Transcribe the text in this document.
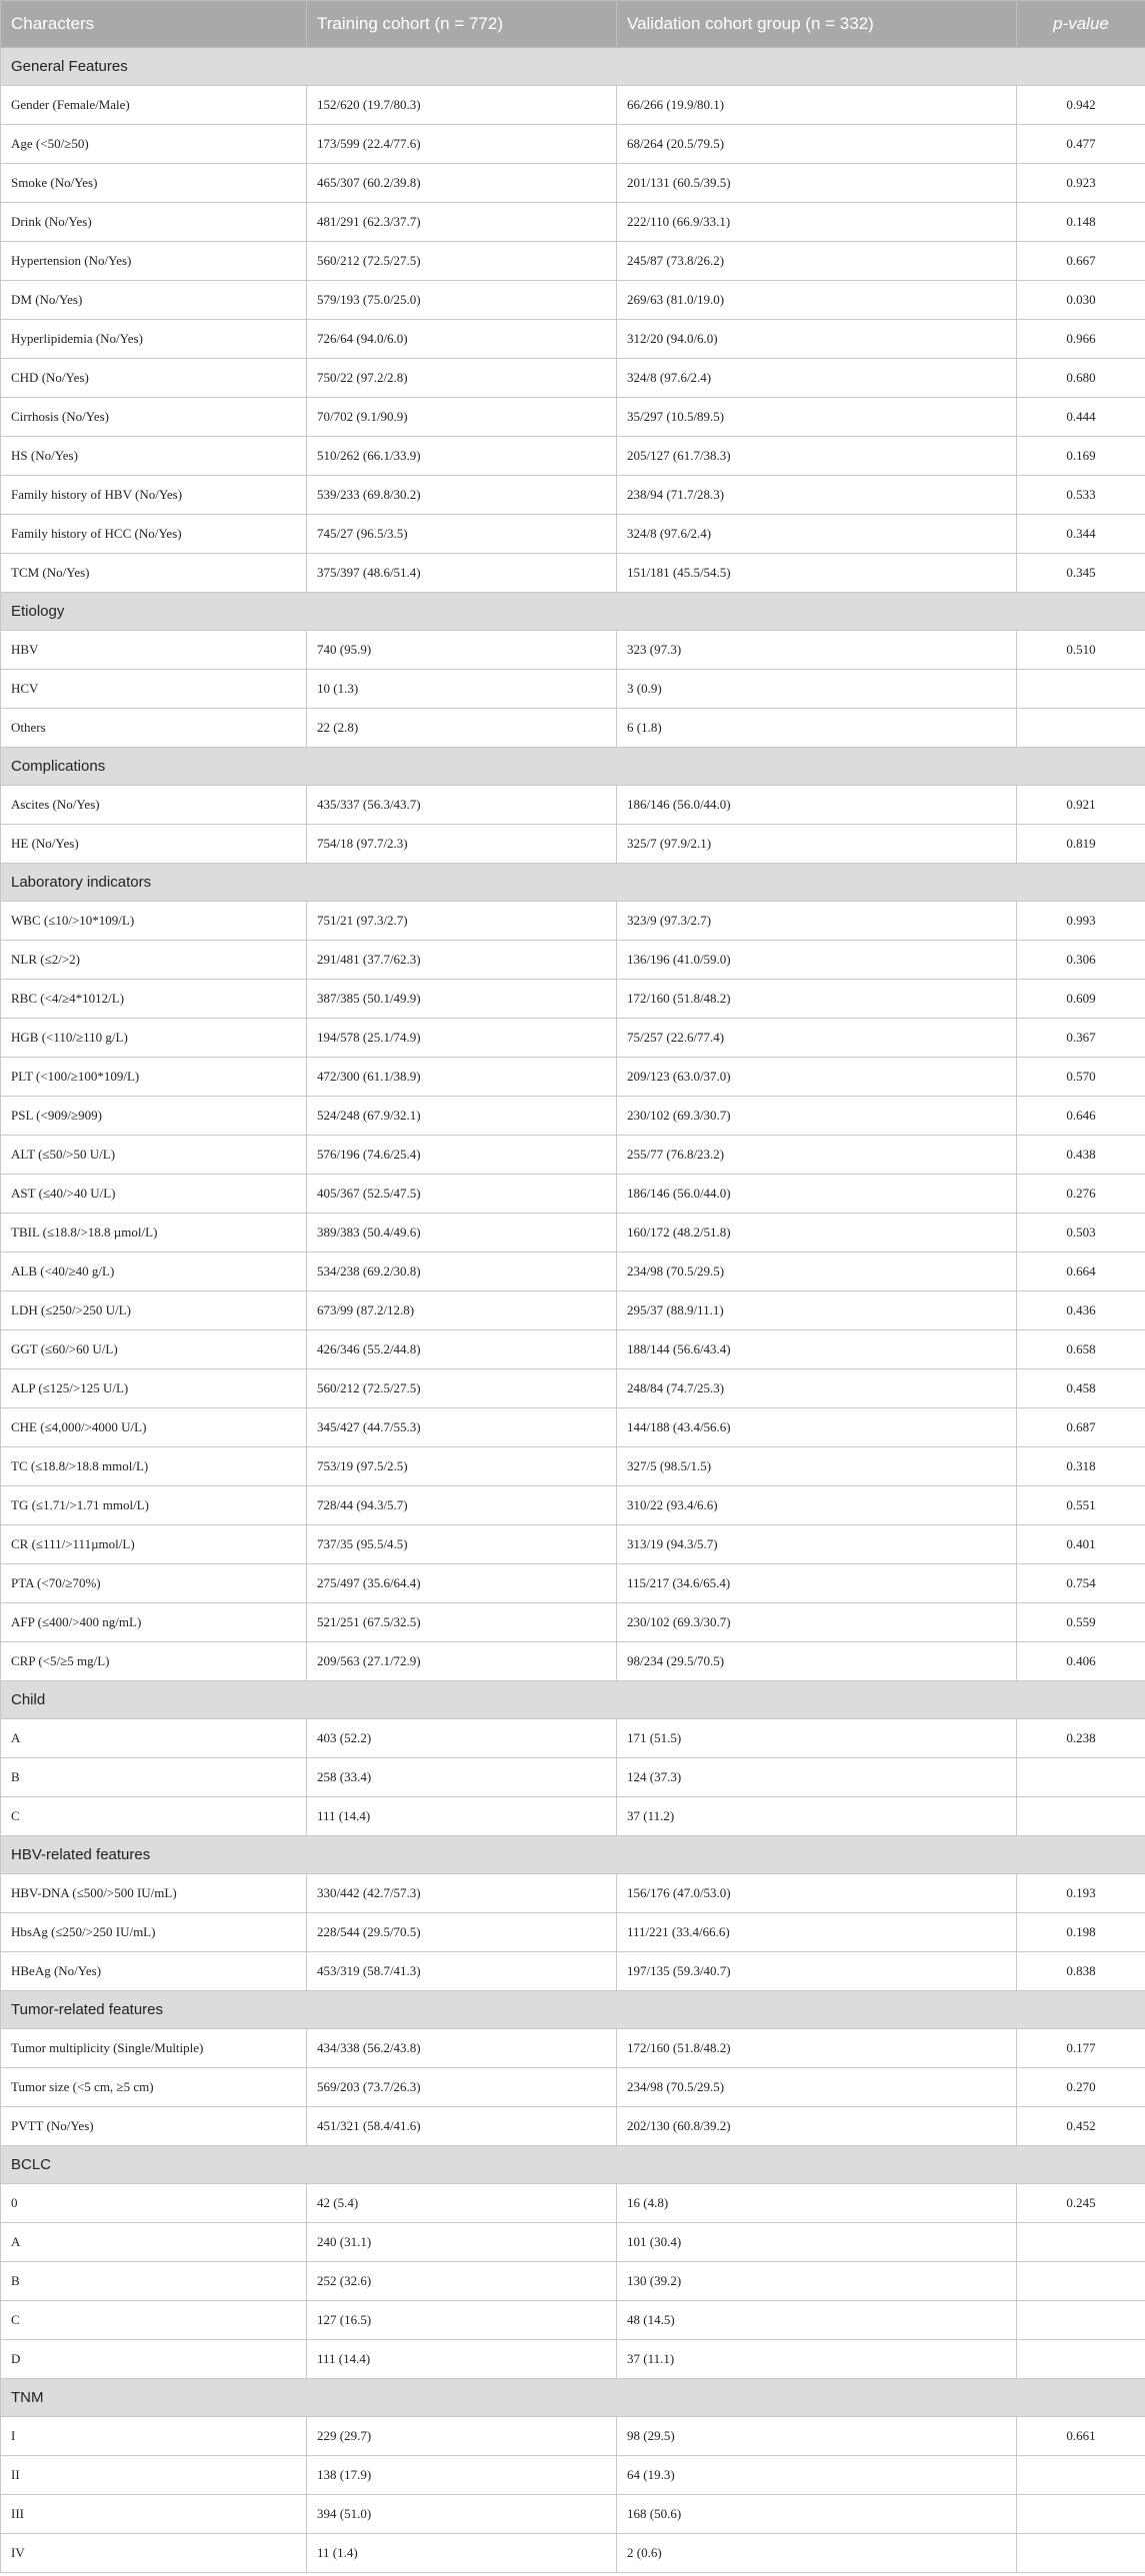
Characters	Training cohort (n = 772)	Validation cohort group (n = 332)	p-value
General Features			
Gender (Female/Male)	152/620 (19.7/80.3)	66/266 (19.9/80.1)	0.942
Age (<50/≥50)	173/599 (22.4/77.6)	68/264 (20.5/79.5)	0.477
Smoke (No/Yes)	465/307 (60.2/39.8)	201/131 (60.5/39.5)	0.923
Drink (No/Yes)	481/291 (62.3/37.7)	222/110 (66.9/33.1)	0.148
Hypertension (No/Yes)	560/212 (72.5/27.5)	245/87 (73.8/26.2)	0.667
DM (No/Yes)	579/193 (75.0/25.0)	269/63 (81.0/19.0)	0.030
Hyperlipidemia (No/Yes)	726/64 (94.0/6.0)	312/20 (94.0/6.0)	0.966
CHD (No/Yes)	750/22 (97.2/2.8)	324/8 (97.6/2.4)	0.680
Cirrhosis (No/Yes)	70/702 (9.1/90.9)	35/297 (10.5/89.5)	0.444
HS (No/Yes)	510/262 (66.1/33.9)	205/127 (61.7/38.3)	0.169
Family history of HBV (No/Yes)	539/233 (69.8/30.2)	238/94 (71.7/28.3)	0.533
Family history of HCC (No/Yes)	745/27 (96.5/3.5)	324/8 (97.6/2.4)	0.344
TCM (No/Yes)	375/397 (48.6/51.4)	151/181 (45.5/54.5)	0.345
Etiology			
HBV	740 (95.9)	323 (97.3)	0.510
HCV	10 (1.3)	3 (0.9)	
Others	22 (2.8)	6 (1.8)	
Complications			
Ascites (No/Yes)	435/337 (56.3/43.7)	186/146 (56.0/44.0)	0.921
HE (No/Yes)	754/18 (97.7/2.3)	325/7 (97.9/2.1)	0.819
Laboratory indicators			
WBC (≤10/>10*109/L)	751/21 (97.3/2.7)	323/9 (97.3/2.7)	0.993
NLR (≤2/>2)	291/481 (37.7/62.3)	136/196 (41.0/59.0)	0.306
RBC (<4/≥4*1012/L)	387/385 (50.1/49.9)	172/160 (51.8/48.2)	0.609
HGB (<110/≥110 g/L)	194/578 (25.1/74.9)	75/257 (22.6/77.4)	0.367
PLT (<100/≥100*109/L)	472/300 (61.1/38.9)	209/123 (63.0/37.0)	0.570
PSL (<909/≥909)	524/248 (67.9/32.1)	230/102 (69.3/30.7)	0.646
ALT (≤50/>50 U/L)	576/196 (74.6/25.4)	255/77 (76.8/23.2)	0.438
AST (≤40/>40 U/L)	405/367 (52.5/47.5)	186/146 (56.0/44.0)	0.276
TBIL (≤18.8/>18.8 µmol/L)	389/383 (50.4/49.6)	160/172 (48.2/51.8)	0.503
ALB (<40/≥40 g/L)	534/238 (69.2/30.8)	234/98 (70.5/29.5)	0.664
LDH (≤250/>250 U/L)	673/99 (87.2/12.8)	295/37 (88.9/11.1)	0.436
GGT (≤60/>60 U/L)	426/346 (55.2/44.8)	188/144 (56.6/43.4)	0.658
ALP (≤125/>125 U/L)	560/212 (72.5/27.5)	248/84 (74.7/25.3)	0.458
CHE (≤4,000/>4000 U/L)	345/427 (44.7/55.3)	144/188 (43.4/56.6)	0.687
TC (≤18.8/>18.8 mmol/L)	753/19 (97.5/2.5)	327/5 (98.5/1.5)	0.318
TG (≤1.71/>1.71 mmol/L)	728/44 (94.3/5.7)	310/22 (93.4/6.6)	0.551
CR (≤111/>111µmol/L)	737/35 (95.5/4.5)	313/19 (94.3/5.7)	0.401
PTA (<70/≥70%)	275/497 (35.6/64.4)	115/217 (34.6/65.4)	0.754
AFP (≤400/>400 ng/mL)	521/251 (67.5/32.5)	230/102 (69.3/30.7)	0.559
CRP (<5/≥5 mg/L)	209/563 (27.1/72.9)	98/234 (29.5/70.5)	0.406
Child			
A	403 (52.2)	171 (51.5)	0.238
B	258 (33.4)	124 (37.3)	
C	111 (14.4)	37 (11.2)	
HBV-related features			
HBV-DNA (≤500/>500 IU/mL)	330/442 (42.7/57.3)	156/176 (47.0/53.0)	0.193
HbsAg (≤250/>250 IU/mL)	228/544 (29.5/70.5)	111/221 (33.4/66.6)	0.198
HBeAg (No/Yes)	453/319 (58.7/41.3)	197/135 (59.3/40.7)	0.838
Tumor-related features			
Tumor multiplicity (Single/Multiple)	434/338 (56.2/43.8)	172/160 (51.8/48.2)	0.177
Tumor size (<5 cm, ≥5 cm)	569/203 (73.7/26.3)	234/98 (70.5/29.5)	0.270
PVTT (No/Yes)	451/321 (58.4/41.6)	202/130 (60.8/39.2)	0.452
BCLC			
0	42 (5.4)	16 (4.8)	0.245
A	240 (31.1)	101 (30.4)	
B	252 (32.6)	130 (39.2)	
C	127 (16.5)	48 (14.5)	
D	111 (14.4)	37 (11.1)	
TNM			
I	229 (29.7)	98 (29.5)	0.661
II	138 (17.9)	64 (19.3)	
III	394 (51.0)	168 (50.6)	
IV	11 (1.4)	2 (0.6)	
